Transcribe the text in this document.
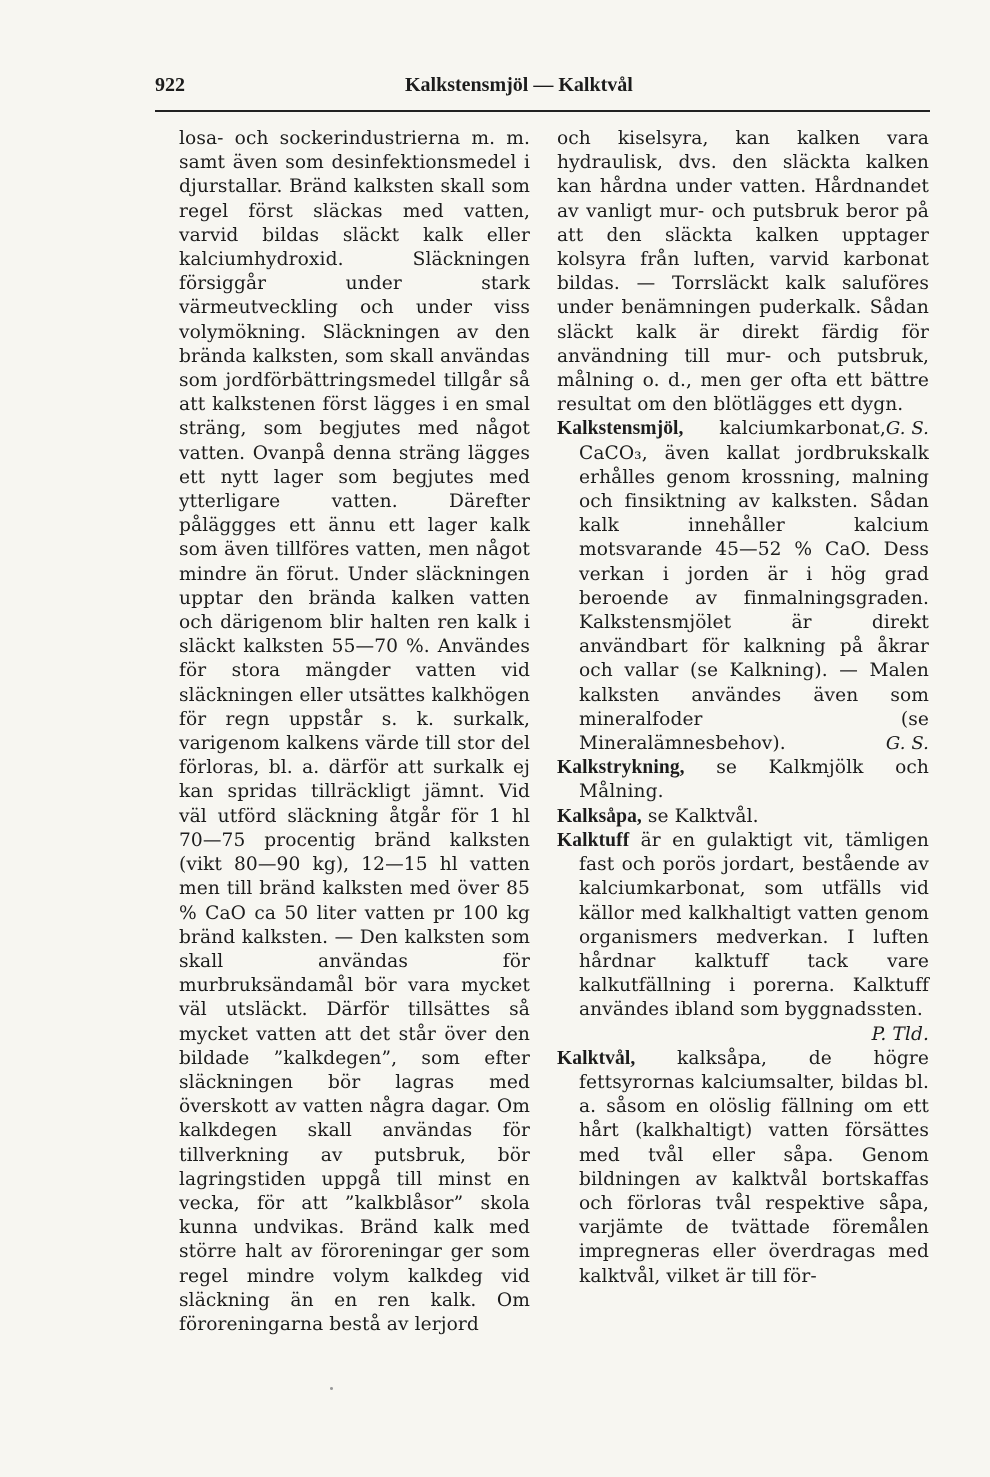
922	Kalkstensmjöl — Kalktvål

losa- och sockerindustrierna m. m. samt även som desinfektionsmedel i djurstallar. Bränd kalksten skall som regel först släckas med vatten, varvid bildas släckt kalk eller kalciumhydroxid. Släckningen försiggår under stark värmeutveckling och under viss volymökning. Släckningen av den brända kalksten, som skall användas som jordförbättringsmedel tillgår så att kalkstenen först lägges i en smal sträng, som begjutes med något vatten. Ovanpå denna sträng lägges ett nytt lager som begjutes med ytterligare vatten. Därefter påläggges ett ännu ett lager kalk som även tillföres vatten, men något mindre än förut. Under släckningen upptar den brända kalken vatten och därigenom blir halten ren kalk i släckt kalksten 55—70 %. Användes för stora mängder vatten vid släckningen eller utsättes kalkhögen för regn uppstår s. k. surkalk, varigenom kalkens värde till stor del förloras, bl. a. därför att surkalk ej kan spridas tillräckligt jämnt. Vid väl utförd släckning åtgår för 1 hl 70—75 procentig bränd kalksten (vikt 80—90 kg), 12—15 hl vatten men till bränd kalksten med över 85 % CaO ca 50 liter vatten pr 100 kg bränd kalksten. — Den kalksten som skall användas för murbruksändamål bör vara mycket väl utsläckt. Därför tillsättes så mycket vatten att det står över den bildade ”kalkdegen”, som efter släckningen bör lagras med överskott av vatten några dagar. Om kalkdegen skall användas för tillverkning av putsbruk, bör lagringstiden uppgå till minst en vecka, för att ”kalkblåsor” skola kunna undvikas. Bränd kalk med större halt av föroreningar ger som regel mindre volym kalkdeg vid släckning än en ren kalk. Om föroreningarna bestå av lerjord

och kiselsyra, kan kalken vara hydraulisk, dvs. den släckta kalken kan hårdna under vatten. Hårdnandet av vanligt mur- och putsbruk beror på att den släckta kalken upptager kolsyra från luften, varvid karbonat bildas. — Torrsläckt kalk saluföres under benämningen puderkalk. Sådan släckt kalk är direkt färdig för användning till mur- och putsbruk, målning o. d., men ger ofta ett bättre resultat om den blötlägges ett dygn.
G. S.

Kalkstensmjöl, kalciumkarbonat, CaCO₃, även kallat jordbrukskalk erhålles genom krossning, malning och finsiktning av kalksten. Sådan kalk innehåller kalcium motsvarande 45—52 % CaO. Dess verkan i jorden är i hög grad beroende av finmalningsgraden. Kalkstensmjölet är direkt användbart för kalkning på åkrar och vallar (se Kalkning). — Malen kalksten användes även som mineralfoder (se Mineralämnesbehov).	G. S.

Kalkstrykning, se Kalkmjölk och Målning.

Kalksåpa, se Kalktvål.

Kalktuff är en gulaktigt vit, tämligen fast och porös jordart, bestående av kalciumkarbonat, som utfälls vid källor med kalkhaltigt vatten genom organismers medverkan. I luften hårdnar kalktuff tack vare kalkutfällning i porerna. Kalktuff användes ibland som byggnadssten.
P. Tld.

Kalktvål, kalksåpa, de högre fettsyrornas kalciumsalter, bildas bl. a. såsom en olöslig fällning om ett hårt (kalkhaltigt) vatten försättes med tvål eller såpa. Genom bildningen av kalktvål bortskaffas och förloras tvål respektive såpa, varjämte de tvättade föremålen impregneras eller överdragas med kalktvål, vilket är till för-
